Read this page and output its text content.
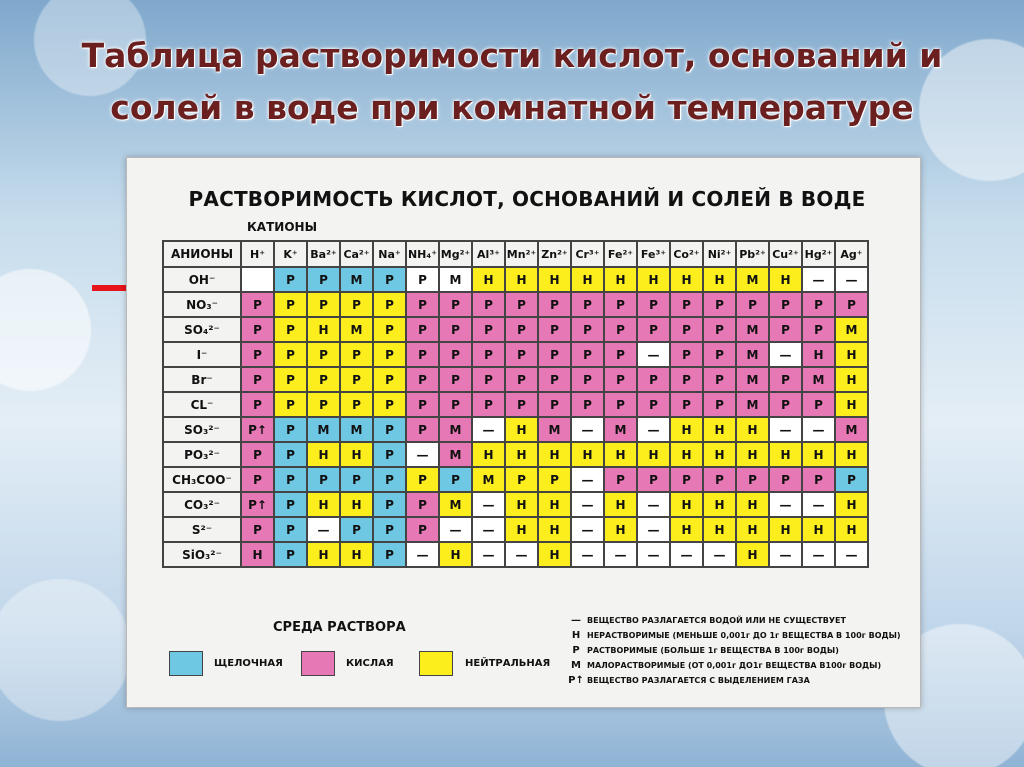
Таблица растворимости кислот, оснований и
солей в воде при комнатной температуре
РАСТВОРИМОСТЬ КИСЛОТ, ОСНОВАНИЙ И СОЛЕЙ В ВОДЕ
КАТИОНЫ
АНИОНЫ	H⁺	K⁺	Ba²⁺	Ca²⁺	Na⁺	NH₄⁺	Mg²⁺	Al³⁺	Mn²⁺	Zn²⁺	Cr³⁺	Fe²⁺	Fe³⁺	Co²⁺	Ni²⁺	Pb²⁺	Cu²⁺	Hg²⁺	Ag⁺
OH⁻		Р	Р	М	Р	Р	М	Н	Н	Н	Н	Н	Н	Н	Н	М	Н	—	—
NO₃⁻	Р	Р	Р	Р	Р	Р	Р	Р	Р	Р	Р	Р	Р	Р	Р	Р	Р	Р	Р
SO₄²⁻	Р	Р	Н	М	Р	Р	Р	Р	Р	Р	Р	Р	Р	Р	Р	М	Р	Р	М
I⁻	Р	Р	Р	Р	Р	Р	Р	Р	Р	Р	Р	Р	—	Р	Р	М	—	Н	Н
Br⁻	Р	Р	Р	Р	Р	Р	Р	Р	Р	Р	Р	Р	Р	Р	Р	М	Р	М	Н
CL⁻	Р	Р	Р	Р	Р	Р	Р	Р	Р	Р	Р	Р	Р	Р	Р	М	Р	Р	Н
SO₃²⁻	Р↑	Р	М	М	Р	Р	М	—	Н	М	—	М	—	Н	Н	Н	—	—	М
PO₃²⁻	Р	Р	Н	Н	Р	—	М	Н	Н	Н	Н	Н	Н	Н	Н	Н	Н	Н	Н
CH₃COO⁻	Р	Р	Р	Р	Р	Р	Р	М	Р	Р	—	Р	Р	Р	Р	Р	Р	Р	Р
CO₃²⁻	Р↑	Р	Н	Н	Р	Р	М	—	Н	Н	—	Н	—	Н	Н	Н	—	—	Н
S²⁻	Р	Р	—	Р	Р	Р	—	—	Н	Н	—	Н	—	Н	Н	Н	Н	Н	Н
SiO₃²⁻	Н	Р	Н	Н	Р	—	Н	—	—	Н	—	—	—	—	—	Н	—	—	—
СРЕДА РАСТВОРА
ЩЕЛОЧНАЯ	КИСЛАЯ	НЕЙТРАЛЬНАЯ
— ВЕЩЕСТВО РАЗЛАГАЕТСЯ ВОДОЙ ИЛИ НЕ СУЩЕСТВУЕТ
Н НЕРАСТВОРИМЫЕ (МЕНЬШЕ 0,001г ДО 1г ВЕЩЕСТВА В 100г ВОДЫ)
Р РАСТВОРИМЫЕ (БОЛЬШЕ 1г ВЕЩЕСТВА В 100г ВОДЫ)
М МАЛОРАСТВОРИМЫЕ (ОТ 0,001г ДО1г ВЕЩЕСТВА В100г ВОДЫ)
Р↑ ВЕЩЕСТВО РАЗЛАГАЕТСЯ С ВЫДЕЛЕНИЕМ ГАЗА
